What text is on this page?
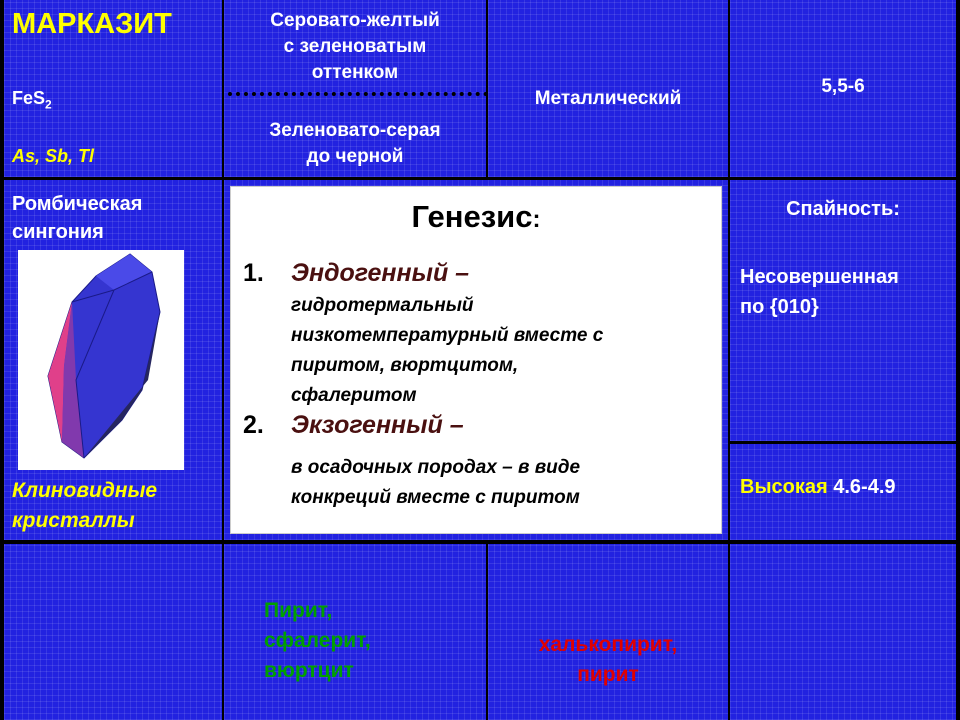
МАРКАЗИТ

FeS$_2$

As, Sb, Tl

Серовато-желтый
с зеленоватым
оттенком
Зеленовато-серая
до черной

Металлический

5,5-6

Ромбическая
сингония
Клиновидные
кристаллы
Генезис:
1. Эндогенный –
гидротермальный
низкотемпературный вместе с
пиритом, вюртцитом,
сфалеритом
2. Экзогенный –
в осадочных породах – в виде
конкреций вместе с пиритом

Спайность:

Несовершенная
по {010}

Высокая 4.6-4.9

Пирит,
сфалерит,
вюртцит
халькопирит,
пирит
